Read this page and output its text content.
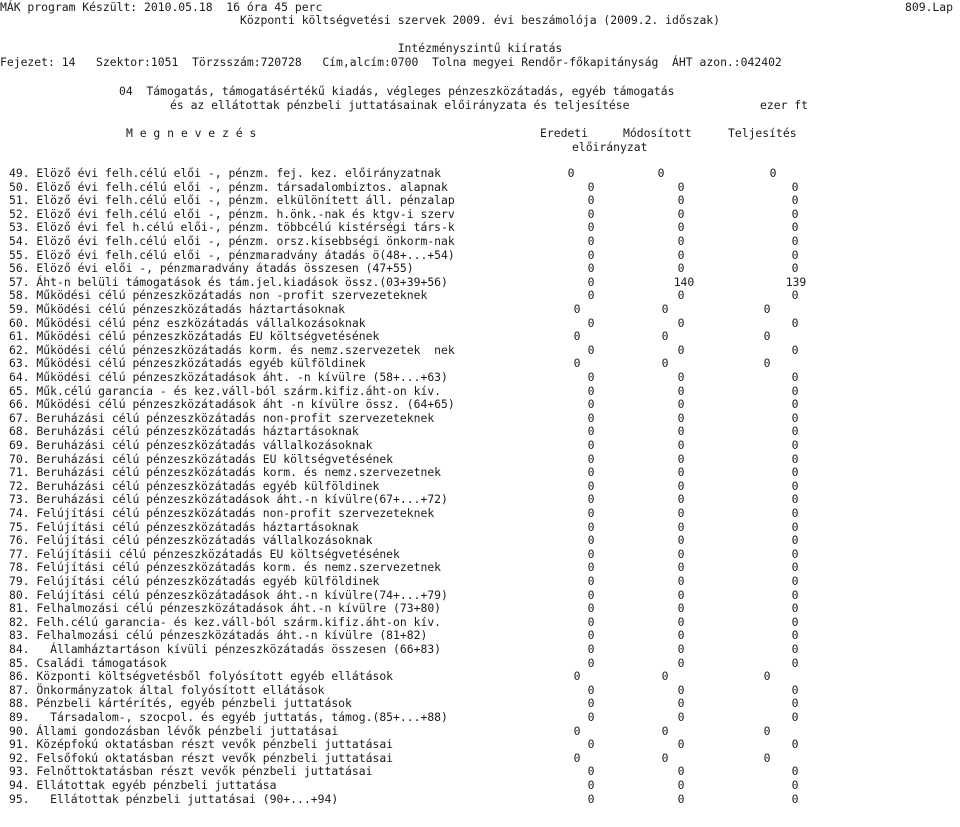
MÁK program Készült: 2010.05.18  16 óra 45 perc	809.Lap
Központi költségvetési szervek 2009. évi beszámolója (2009.2. időszak)
Intézményszintű kiíratás
Fejezet: 14   Szektor:1051  Törzsszám:720728   Cím,alcím:0700  Tolna megyei Rendőr-főkapitányság  ÁHT azon.:042402
04  Támogatás, támogatásértékű kiadás, végleges pénzeszközátadás, egyéb támogatás
és az ellátottak pénzbeli juttatásainak előirányzata és teljesítése	ezer ft
M e g n e v e z é s	Eredeti	Módosított	Teljesítés
előirányzat
49. Elöző évi felh.célú elői -, pénzm. fej. kez. előirányzatnak	0	0	0
50. Elöző évi felh.célú elői -, pénzm. társadalombiztos. alapnak	0	0	0
51. Elöző évi felh.célú elői -, pénzm. elkülönített áll. pénzalap	0	0	0
52. Elöző évi felh.célú elői -, pénzm. h.önk.-nak és ktgv-i szerv	0	0	0
53. Elöző évi fel h.célú elői-, pénzm. többcélú kistérségi társ-k	0	0	0
54. Elöző évi felh.célú elői -, pénzm. orsz.kisebbségi önkorm-nak	0	0	0
55. Elöző évi felh.célú elői -, pénzmaradvány átadás ö(48+...+54)	0	0	0
56. Elöző évi elői -, pénzmaradvány átadás összesen (47+55)	0	0	0
57. Áht-n belüli támogatások és tám.jel.kiadások össz.(03+39+56)	0	140	139
58. Működési célú pénzeszközátadás non -profit szervezeteknek	0	0	0
59. Működési célú pénzeszközátadás háztartásoknak	0	0	0
60. Működési célú pénz eszközátadás vállalkozásoknak	0	0	0
61. Működési célú pénzeszközátadás EU költségvetésének	0	0	0
62. Működési célú pénzeszközátadás korm. és nemz.szervezetek  nek	0	0	0
63. Működési célú pénzeszközátadás egyéb külföldinek	0	0	0
64. Működési célú pénzeszközátadások áht. -n kívülre (58+...+63)	0	0	0
65. Műk.célú garancia - és kez.váll-ból szárm.kifiz.áht-on kív.	0	0	0
66. Működési célú pénzeszközátadások áht -n kívülre össz. (64+65)	0	0	0
67. Beruházási célú pénzeszközátadás non-profit szervezeteknek	0	0	0
68. Beruházási célú pénzeszközátadás háztartásoknak	0	0	0
69. Beruházási célú pénzeszközátadás vállalkozásoknak	0	0	0
70. Beruházási célú pénzeszközátadás EU költségvetésének	0	0	0
71. Beruházási célú pénzeszközátadás korm. és nemz.szervezetnek	0	0	0
72. Beruházási célú pénzeszközátadás egyéb külföldinek	0	0	0
73. Beruházási célú pénzeszközátadások áht.-n kívülre(67+...+72)	0	0	0
74. Felújítási célú pénzeszközátadás non-profit szervezeteknek	0	0	0
75. Felújítási célú pénzeszközátadás háztartásoknak	0	0	0
76. Felújítási célú pénzeszközátadás vállalkozásoknak	0	0	0
77. Felújításii célú pénzeszközátadás EU költségvetésének	0	0	0
78. Felújítási célú pénzeszközátadás korm. és nemz.szervezetnek	0	0	0
79. Felújítási célú pénzeszközátadás egyéb külföldinek	0	0	0
80. Felújítási célú pénzeszközátadások áht.-n kívülre(74+...+79)	0	0	0
81. Felhalmozási célú pénzeszközátadások áht.-n kívülre (73+80)	0	0	0
82. Felh.célú garancia- és kez.váll-ból szárm.kifiz.áht-on kív.	0	0	0
83. Felhalmozási célú pénzeszközátadás áht.-n kívülre (81+82)	0	0	0
84.   Államháztartáson kívüli pénzeszközátadás összesen (66+83)	0	0	0
85. Családi támogatások	0	0	0
86. Központi költségvetésből folyósított egyéb ellátások	0	0	0
87. Önkormányzatok által folyósított ellátások	0	0	0
88. Pénzbeli kártérítés, egyéb pénzbeli juttatások	0	0	0
89.   Társadalom-, szocpol. és egyéb juttatás, támog.(85+...+88)	0	0	0
90. Állami gondozásban lévők pénzbeli juttatásai	0	0	0
91. Középfokú oktatásban részt vevők pénzbeli juttatásai	0	0	0
92. Felsőfokú oktatásban részt vevők pénzbeli juttatásai	0	0	0
93. Felnőttoktatásban részt vevők pénzbeli juttatásai	0	0	0
94. Ellátottak egyéb pénzbeli juttatása	0	0	0
95.   Ellátottak pénzbeli juttatásai (90+...+94)	0	0	0
